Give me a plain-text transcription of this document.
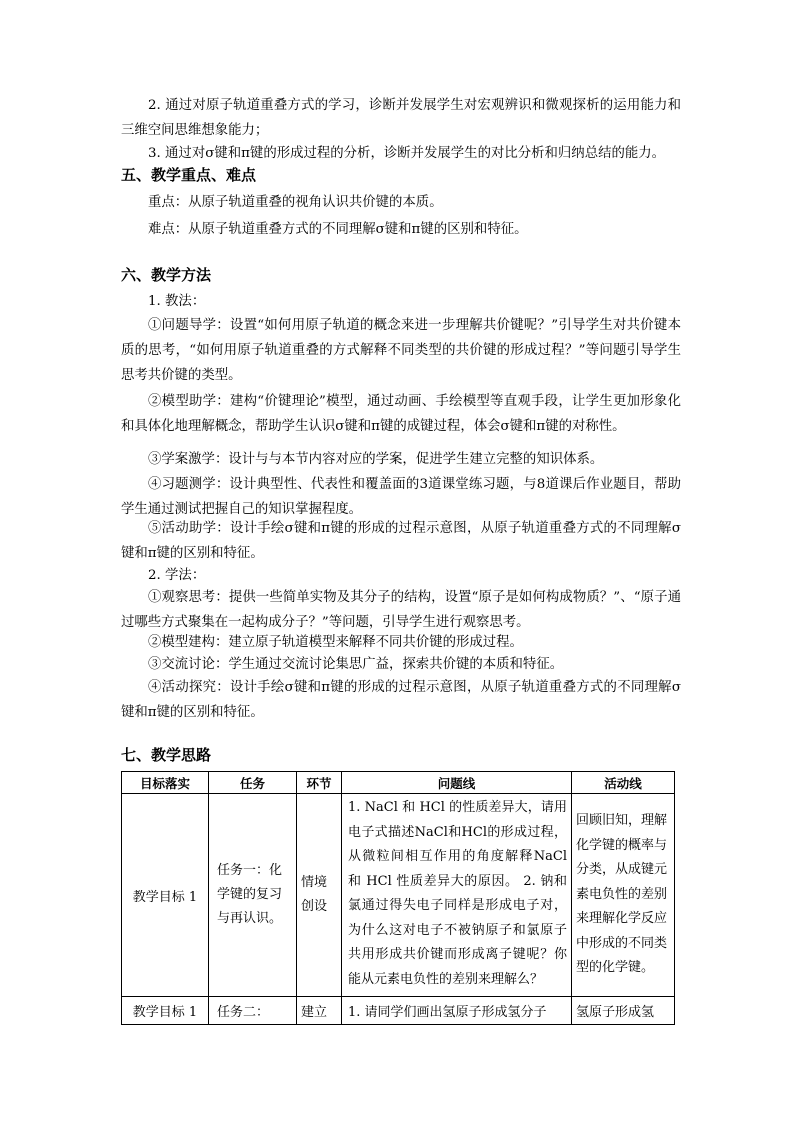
2. 通过对原子轨道重叠方式的学习，诊断并发展学生对宏观辨识和微观探析的运用能力和三维空间思维想象能力；
3. 通过对σ键和π键的形成过程的分析，诊断并发展学生的对比分析和归纳总结的能力。
五、教学重点、难点
重点：从原子轨道重叠的视角认识共价键的本质。
难点：从原子轨道重叠方式的不同理解σ键和π键的区别和特征。
六、教学方法
1. 教法：
①问题导学：设置“如何用原子轨道的概念来进一步理解共价键呢？”引导学生对共价键本质的思考，“如何用原子轨道重叠的方式解释不同类型的共价键的形成过程？”等问题引导学生思考共价键的类型。
②模型助学：建构“价键理论”模型，通过动画、手绘模型等直观手段，让学生更加形象化和具体化地理解概念，帮助学生认识σ键和π键的成键过程，体会σ键和π键的对称性。
③学案激学：设计与与本节内容对应的学案，促进学生建立完整的知识体系。
④习题测学：设计典型性、代表性和覆盖面的3道课堂练习题，与8道课后作业题目，帮助学生通过测试把握自己的知识掌握程度。
⑤活动助学：设计手绘σ键和π键的形成的过程示意图，从原子轨道重叠方式的不同理解σ键和π键的区别和特征。
2. 学法：
①观察思考：提供一些简单实物及其分子的结构，设置“原子是如何构成物质？”、“原子通过哪些方式聚集在一起构成分子？”等问题，引导学生进行观察思考。
②模型建构：建立原子轨道模型来解释不同共价键的形成过程。
③交流讨论：学生通过交流讨论集思广益，探索共价键的本质和特征。
④活动探究：设计手绘σ键和π键的形成的过程示意图，从原子轨道重叠方式的不同理解σ键和π键的区别和特征。
七、教学思路
目标落实	任务	环节	问题线	活动线
教学目标 1	任务一：化学键的复习与再认识。	情境创设	1. NaCl 和 HCl 的性质差异大，请用电子式描述NaCl和HCl的形成过程，从微粒间相互作用的角度解释NaCl 和 HCl 性质差异大的原因。 2. 钠和氯通过得失电子同样是形成电子对，为什么这对电子不被钠原子和氯原子共用形成共价键而形成离子键呢？你能从元素电负性的差别来理解么？	回顾旧知，理解化学键的概率与分类，从成键元素电负性的差别来理解化学反应中形成的不同类型的化学键。
教学目标 1	任务二：	建立	1. 请同学们画出氢原子形成氢分子	氢原子形成氢
